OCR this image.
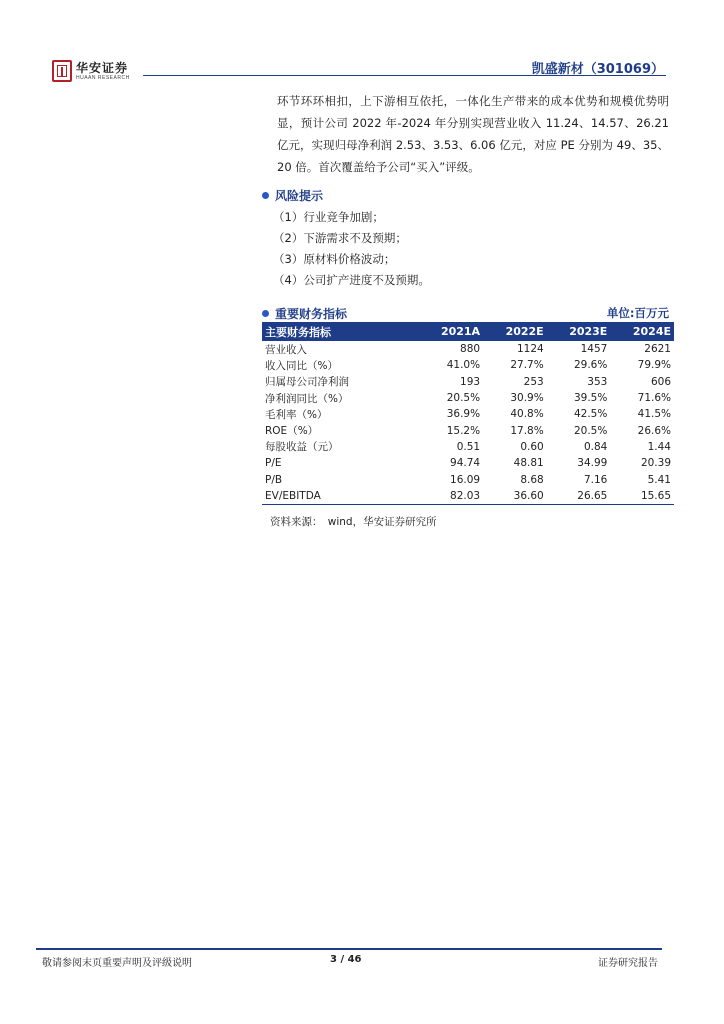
华安证券
HUAAN RESEARCH
凯盛新材（301069）
环节环环相扣，上下游相互依托，一体化生产带来的成本优势和规模优势明显，预计公司 2022 年-2024 年分别实现营业收入 11.24、14.57、26.21 亿元，实现归母净利润 2.53、3.53、6.06 亿元，对应 PE 分别为 49、35、20 倍。首次覆盖给予公司“买入”评级。
风险提示
（1）行业竞争加剧；
（2）下游需求不及预期；
（3）原材料价格波动；
（4）公司扩产进度不及预期。
重要财务指标	单位:百万元
主要财务指标	2021A	2022E	2023E	2024E
营业收入	880	1124	1457	2621
收入同比（%）	41.0%	27.7%	29.6%	79.9%
归属母公司净利润	193	253	353	606
净利润同比（%）	20.5%	30.9%	39.5%	71.6%
毛利率（%）	36.9%	40.8%	42.5%	41.5%
ROE（%）	15.2%	17.8%	20.5%	26.6%
每股收益（元）	0.51	0.60	0.84	1.44
P/E	94.74	48.81	34.99	20.39
P/B	16.09	8.68	7.16	5.41
EV/EBITDA	82.03	36.60	26.65	15.65
资料来源：　wind，华安证券研究所
敬请参阅末页重要声明及评级说明	3 / 46	证券研究报告
